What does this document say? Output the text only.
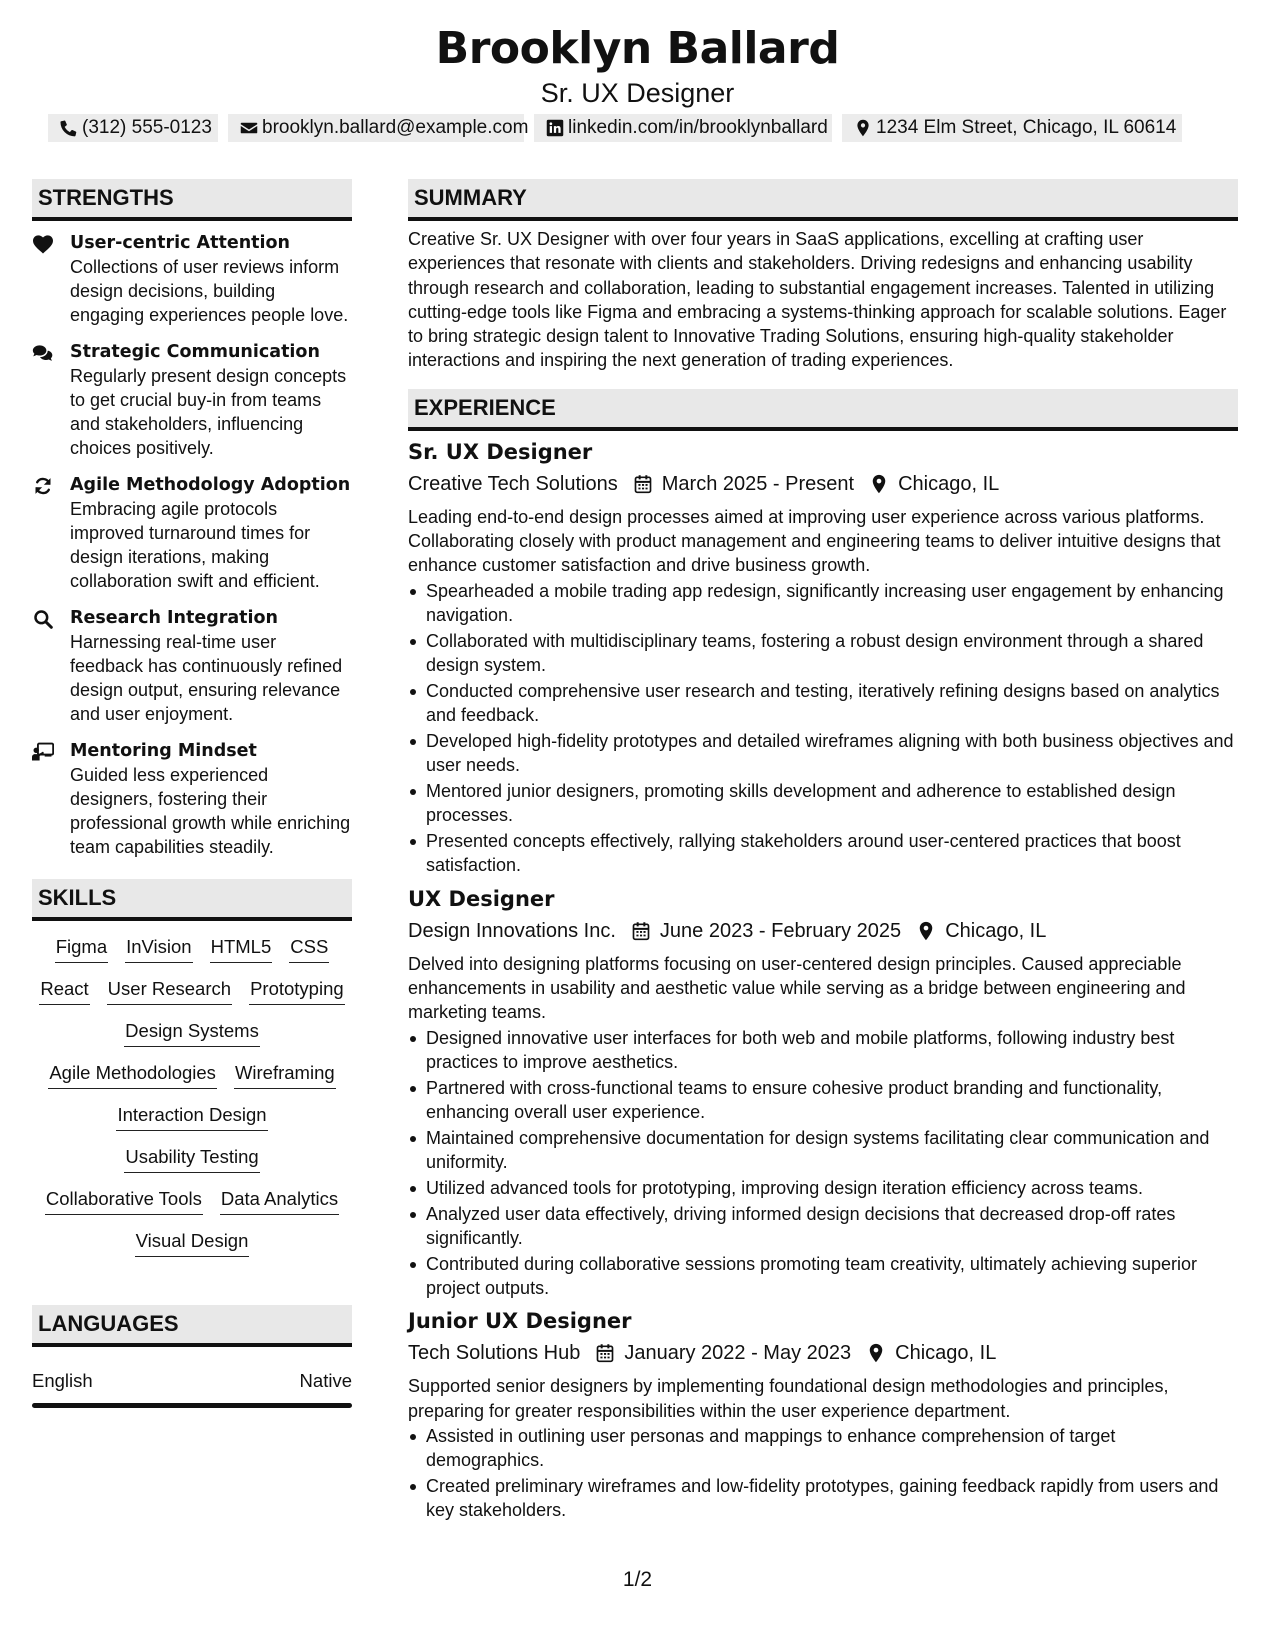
Brooklyn Ballard
Sr. UX Designer
(312) 555-0123	brooklyn.ballard@example.com linkedin.com/in/brooklynballard	1234 Elm Street, Chicago, IL 60614
STRENGTHS
User-centric Attention
Collections of user reviews inform design decisions, building engaging experiences people love.
Strategic Communication
Regularly present design concepts to get crucial buy-in from teams and stakeholders, influencing choices positively.
Agile Methodology Adoption
Embracing agile protocols improved turnaround times for design iterations, making collaboration swift and efficient.
Research Integration
Harnessing real-time user feedback has continuously refined design output, ensuring relevance and user enjoyment.
Mentoring Mindset
Guided less experienced designers, fostering their professional growth while enriching team capabilities steadily.
SKILLS
Figma InVision HTML5 CSS
React User Research Prototyping
Design Systems
Agile Methodologies Wireframing
Interaction Design
Usability Testing
Collaborative Tools Data Analytics
Visual Design
LANGUAGES
English	Native
SUMMARY
Creative Sr. UX Designer with over four years in SaaS applications, excelling at crafting user experiences that resonate with clients and stakeholders. Driving redesigns and enhancing usability through research and collaboration, leading to substantial engagement increases. Talented in utilizing cutting-edge tools like Figma and embracing a systems-thinking approach for scalable solutions. Eager to bring strategic design talent to Innovative Trading Solutions, ensuring high-quality stakeholder interactions and inspiring the next generation of trading experiences.
EXPERIENCE
Sr. UX Designer
Creative Tech Solutions March 2025 - Present Chicago, IL
Leading end-to-end design processes aimed at improving user experience across various platforms. Collaborating closely with product management and engineering teams to deliver intuitive designs that enhance customer satisfaction and drive business growth.
Spearheaded a mobile trading app redesign, significantly increasing user engagement by enhancing navigation.
Collaborated with multidisciplinary teams, fostering a robust design environment through a shared design system.
Conducted comprehensive user research and testing, iteratively refining designs based on analytics and feedback.
Developed high-fidelity prototypes and detailed wireframes aligning with both business objectives and user needs.
Mentored junior designers, promoting skills development and adherence to established design processes.
Presented concepts effectively, rallying stakeholders around user-centered practices that boost satisfaction.
UX Designer
Design Innovations Inc. June 2023 - February 2025 Chicago, IL
Delved into designing platforms focusing on user-centered design principles. Caused appreciable enhancements in usability and aesthetic value while serving as a bridge between engineering and marketing teams.
Designed innovative user interfaces for both web and mobile platforms, following industry best practices to improve aesthetics.
Partnered with cross-functional teams to ensure cohesive product branding and functionality, enhancing overall user experience.
Maintained comprehensive documentation for design systems facilitating clear communication and uniformity.
Utilized advanced tools for prototyping, improving design iteration efficiency across teams.
Analyzed user data effectively, driving informed design decisions that decreased drop-off rates significantly.
Contributed during collaborative sessions promoting team creativity, ultimately achieving superior project outputs.
Junior UX Designer
Tech Solutions Hub January 2022 - May 2023 Chicago, IL
Supported senior designers by implementing foundational design methodologies and principles, preparing for greater responsibilities within the user experience department.
Assisted in outlining user personas and mappings to enhance comprehension of target demographics.
Created preliminary wireframes and low-fidelity prototypes, gaining feedback rapidly from users and key stakeholders.
1/2
